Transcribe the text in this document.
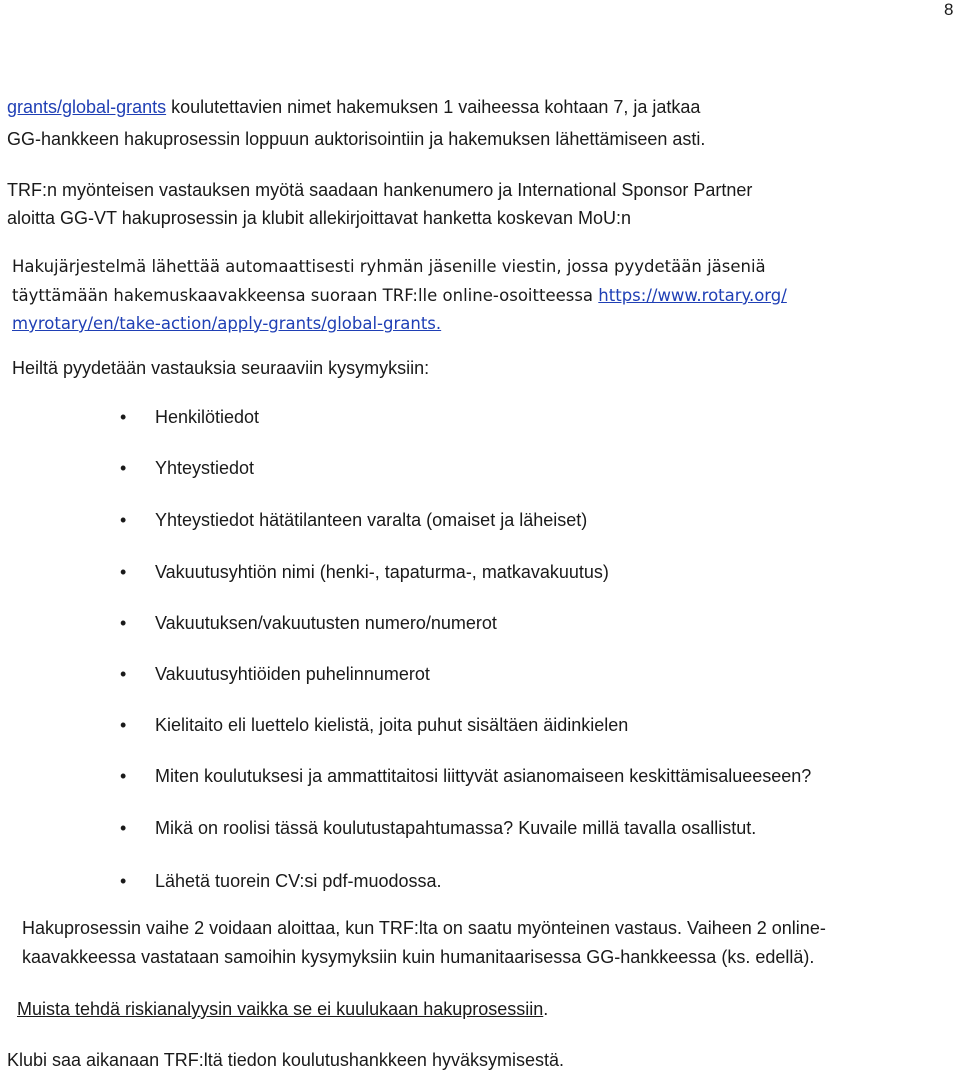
8
grants/global-grants koulutettavien nimet hakemuksen 1 vaiheessa kohtaan 7, ja jatkaa
GG-hankkeen hakuprosessin loppuun auktorisointiin ja hakemuksen lähettämiseen asti.
TRF:n myönteisen vastauksen myötä saadaan hankenumero ja International Sponsor Partner
aloitta GG-VT hakuprosessin ja klubit allekirjoittavat hanketta koskevan MoU:n
Hakujärjestelmä lähettää automaattisesti ryhmän jäsenille viestin, jossa pyydetään jäseniä
täyttämään hakemuskaavakkeensa suoraan TRF:lle online-osoitteessa https://www.rotary.org/
myrotary/en/take-action/apply-grants/global-grants.
Heiltä pyydetään vastauksia seuraaviin kysymyksiin:
• Henkilötiedot
• Yhteystiedot
• Yhteystiedot hätätilanteen varalta (omaiset ja läheiset)
• Vakuutusyhtiön nimi (henki-, tapaturma-, matkavakuutus)
• Vakuutuksen/vakuutusten numero/numerot
• Vakuutusyhtiöiden puhelinnumerot
• Kielitaito eli luettelo kielistä, joita puhut sisältäen äidinkielen
• Miten koulutuksesi ja ammattitaitosi liittyvät asianomaiseen keskittämisalueeseen?
• Mikä on roolisi tässä koulutustapahtumassa? Kuvaile millä tavalla osallistut.
• Lähetä tuorein CV:si pdf-muodossa.
Hakuprosessin vaihe 2 voidaan aloittaa, kun TRF:lta on saatu myönteinen vastaus. Vaiheen 2 online-
kaavakkeessa vastataan samoihin kysymyksiin kuin humanitaarisessa GG-hankkeessa (ks. edellä).
Muista tehdä riskianalyysin vaikka se ei kuulukaan hakuprosessiin.
Klubi saa aikanaan TRF:ltä tiedon koulutushankkeen hyväksymisestä.
